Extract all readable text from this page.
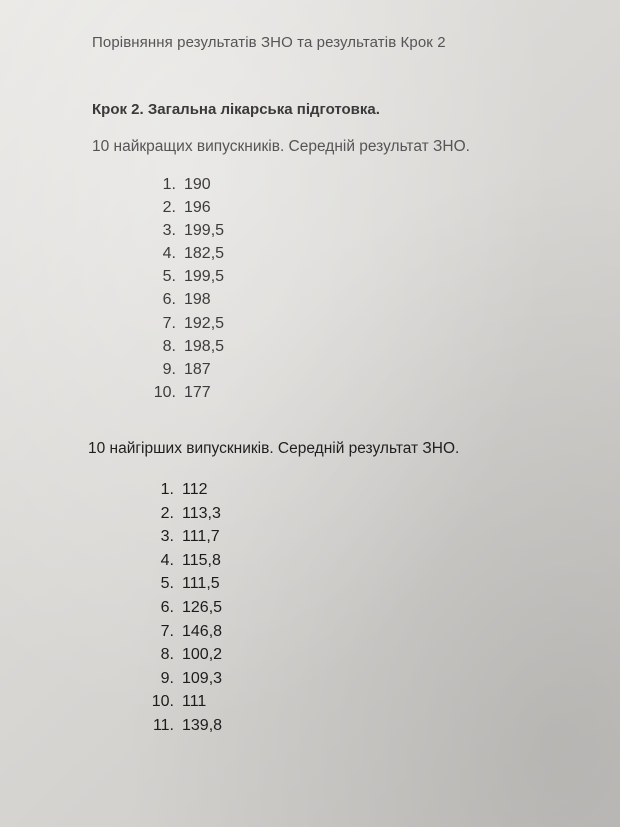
Порівняння результатів ЗНО та результатів Крок 2
Крок 2. Загальна лікарська підготовка.
10 найкращих випускників. Середній результат ЗНО.
1. 190
2. 196
3. 199,5
4. 182,5
5. 199,5
6. 198
7. 192,5
8. 198,5
9. 187
10. 177
10 найгірших випускників. Середній результат ЗНО.
1. 112
2. 113,3
3. 111,7
4. 115,8
5. 111,5
6. 126,5
7. 146,8
8. 100,2
9. 109,3
10. 111
11. 139,8
